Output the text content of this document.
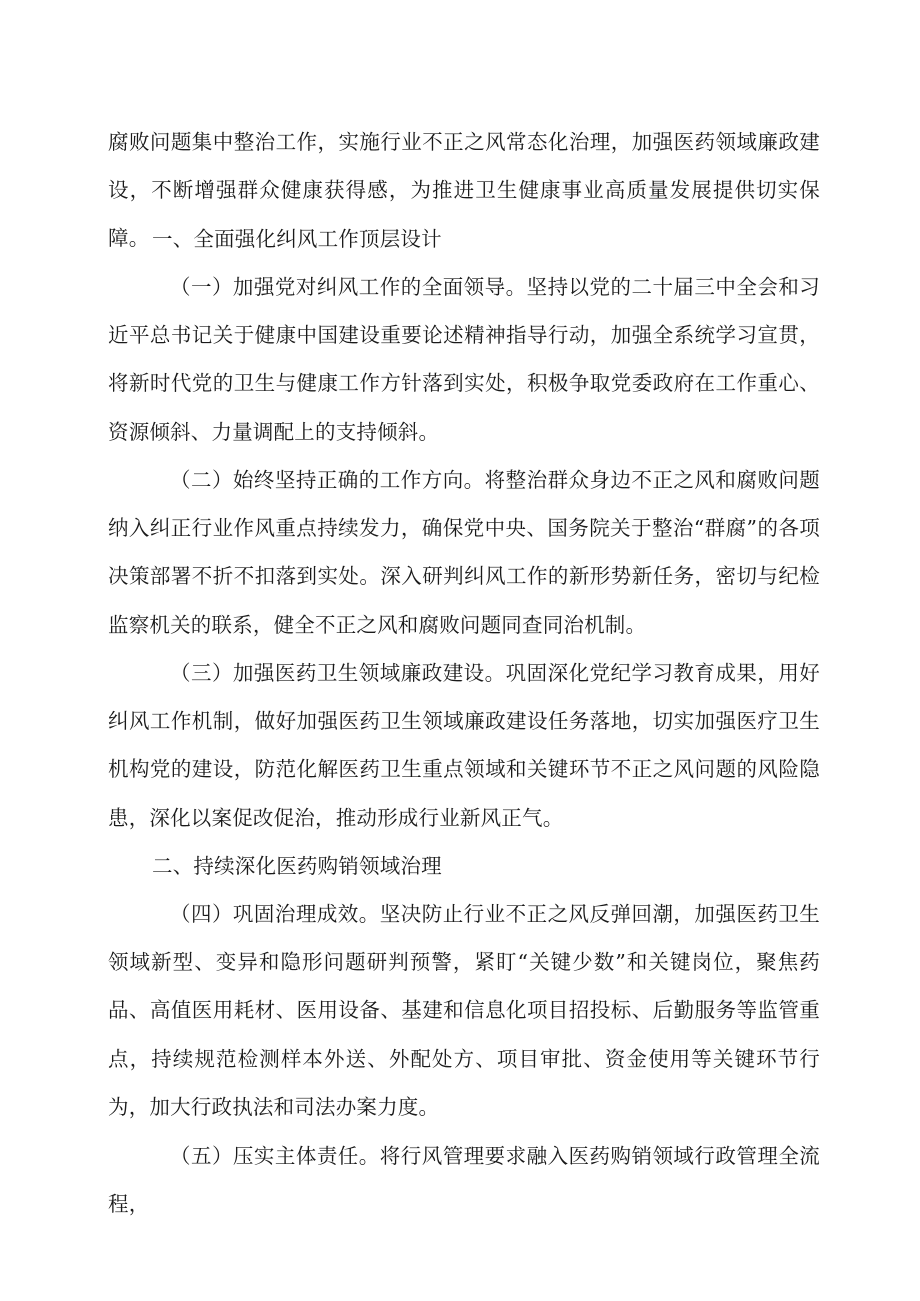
腐败问题集中整治工作，实施行业不正之风常态化治理，加强医药领域廉政建设，不断增强群众健康获得感，为推进卫生健康事业高质量发展提供切实保障。 一、全面强化纠风工作顶层设计

（一）加强党对纠风工作的全面领导。坚持以党的二十届三中全会和习近平总书记关于健康中国建设重要论述精神指导行动，加强全系统学习宣贯，将新时代党的卫生与健康工作方针落到实处，积极争取党委政府在工作重心、资源倾斜、力量调配上的支持倾斜。

（二）始终坚持正确的工作方向。将整治群众身边不正之风和腐败问题纳入纠正行业作风重点持续发力，确保党中央、国务院关于整治“群腐”的各项决策部署不折不扣落到实处。深入研判纠风工作的新形势新任务，密切与纪检监察机关的联系，健全不正之风和腐败问题同查同治机制。

（三）加强医药卫生领域廉政建设。巩固深化党纪学习教育成果，用好纠风工作机制，做好加强医药卫生领域廉政建设任务落地，切实加强医疗卫生机构党的建设，防范化解医药卫生重点领域和关键环节不正之风问题的风险隐患，深化以案促改促治，推动形成行业新风正气。

二、持续深化医药购销领域治理

（四）巩固治理成效。坚决防止行业不正之风反弹回潮，加强医药卫生领域新型、变异和隐形问题研判预警，紧盯“关键少数”和关键岗位，聚焦药品、高值医用耗材、医用设备、基建和信息化项目招投标、后勤服务等监管重点，持续规范检测样本外送、外配处方、项目审批、资金使用等关键环节行为，加大行政执法和司法办案力度。

（五）压实主体责任。将行风管理要求融入医药购销领域行政管理全流程，
